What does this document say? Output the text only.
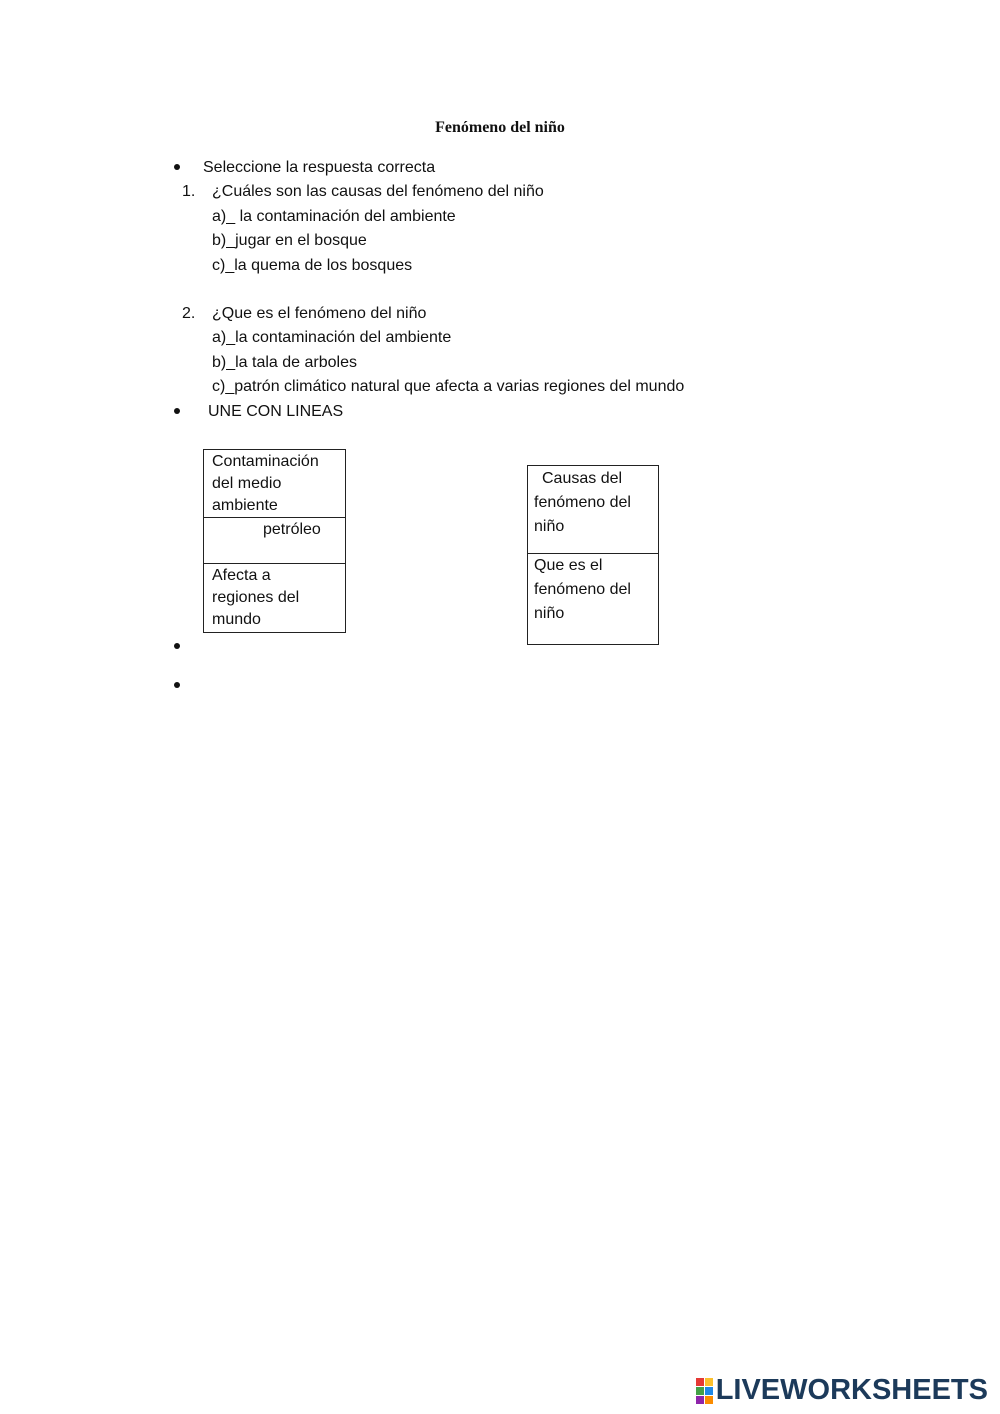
Fenómeno del niño
Seleccione la respuesta correcta
1. ¿Cuáles son las causas del fenómeno del niño
a)_ la contaminación del ambiente
b)_jugar en el bosque
c)_la quema de los bosques
2. ¿Que es el fenómeno del niño
a)_la contaminación del ambiente
b)_la tala de arboles
c)_patrón climático natural que afecta a varias regiones del mundo
UNE CON LINEAS
Contaminación del medio ambiente
petróleo
Afecta a regiones del mundo
Causas del fenómeno del niño
Que es el fenómeno del niño
LIVEWORKSHEETS
